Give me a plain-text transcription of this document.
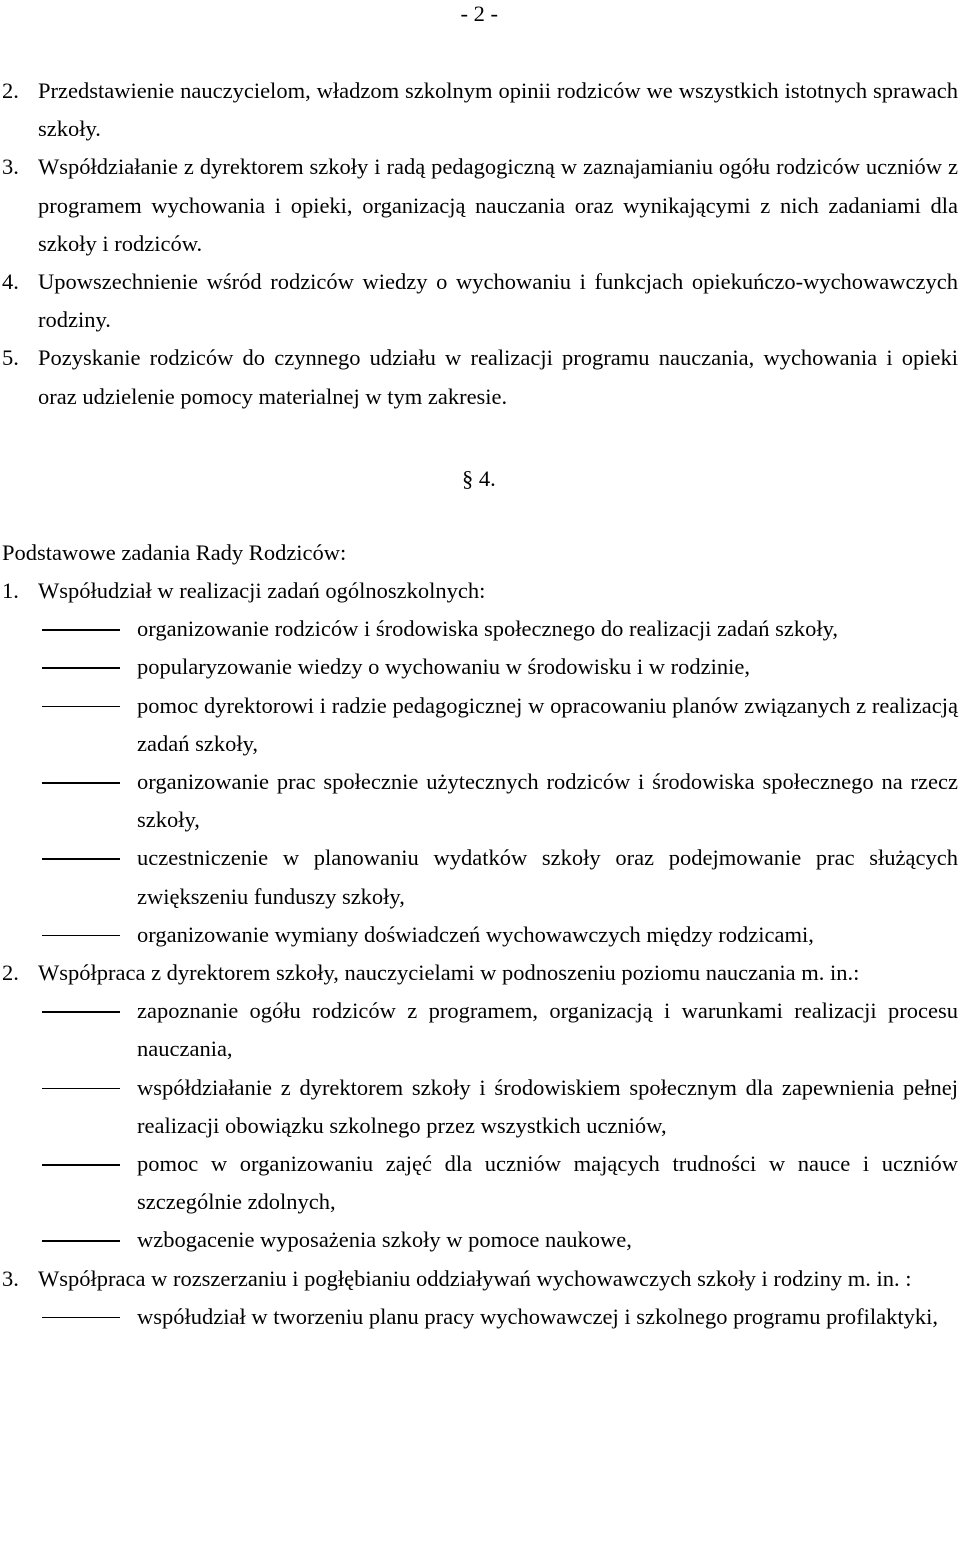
- 2 -
2. Przedstawienie nauczycielom, władzom szkolnym opinii rodziców we wszystkich istotnych sprawach szkoły.
3. Współdziałanie z dyrektorem szkoły i radą pedagogiczną w zaznajamianiu ogółu rodziców uczniów z programem wychowania i opieki, organizacją nauczania oraz wynikającymi z nich zadaniami dla szkoły i rodziców.
4. Upowszechnienie wśród rodziców wiedzy o wychowaniu i funkcjach opiekuńczo-wychowawczych rodziny.
5. Pozyskanie rodziców do czynnego udziału w realizacji programu nauczania, wychowania i opieki oraz udzielenie pomocy materialnej w tym zakresie.
§ 4.
Podstawowe zadania Rady Rodziców:
1. Współudział w realizacji zadań ogólnoszkolnych:
organizowanie rodziców i środowiska społecznego do realizacji zadań szkoły,
popularyzowanie wiedzy o wychowaniu w środowisku i w rodzinie,
pomoc dyrektorowi i radzie pedagogicznej w opracowaniu planów związanych z realizacją zadań szkoły,
organizowanie prac społecznie użytecznych rodziców i środowiska społecznego na rzecz szkoły,
uczestniczenie w planowaniu wydatków szkoły oraz podejmowanie prac służących zwiększeniu funduszy szkoły,
organizowanie wymiany doświadczeń wychowawczych między rodzicami,
2. Współpraca z dyrektorem szkoły, nauczycielami w podnoszeniu poziomu nauczania m. in.:
zapoznanie ogółu rodziców z programem, organizacją i warunkami realizacji procesu nauczania,
współdziałanie z dyrektorem szkoły i środowiskiem społecznym dla zapewnienia pełnej realizacji obowiązku szkolnego przez wszystkich uczniów,
pomoc w organizowaniu zajęć dla uczniów mających trudności w nauce i uczniów szczególnie zdolnych,
wzbogacenie wyposażenia szkoły w pomoce naukowe,
3. Współpraca w rozszerzaniu i pogłębianiu oddziaływań wychowawczych szkoły i rodziny m. in. :
współudział w tworzeniu planu pracy wychowawczej i szkolnego programu profilaktyki,
